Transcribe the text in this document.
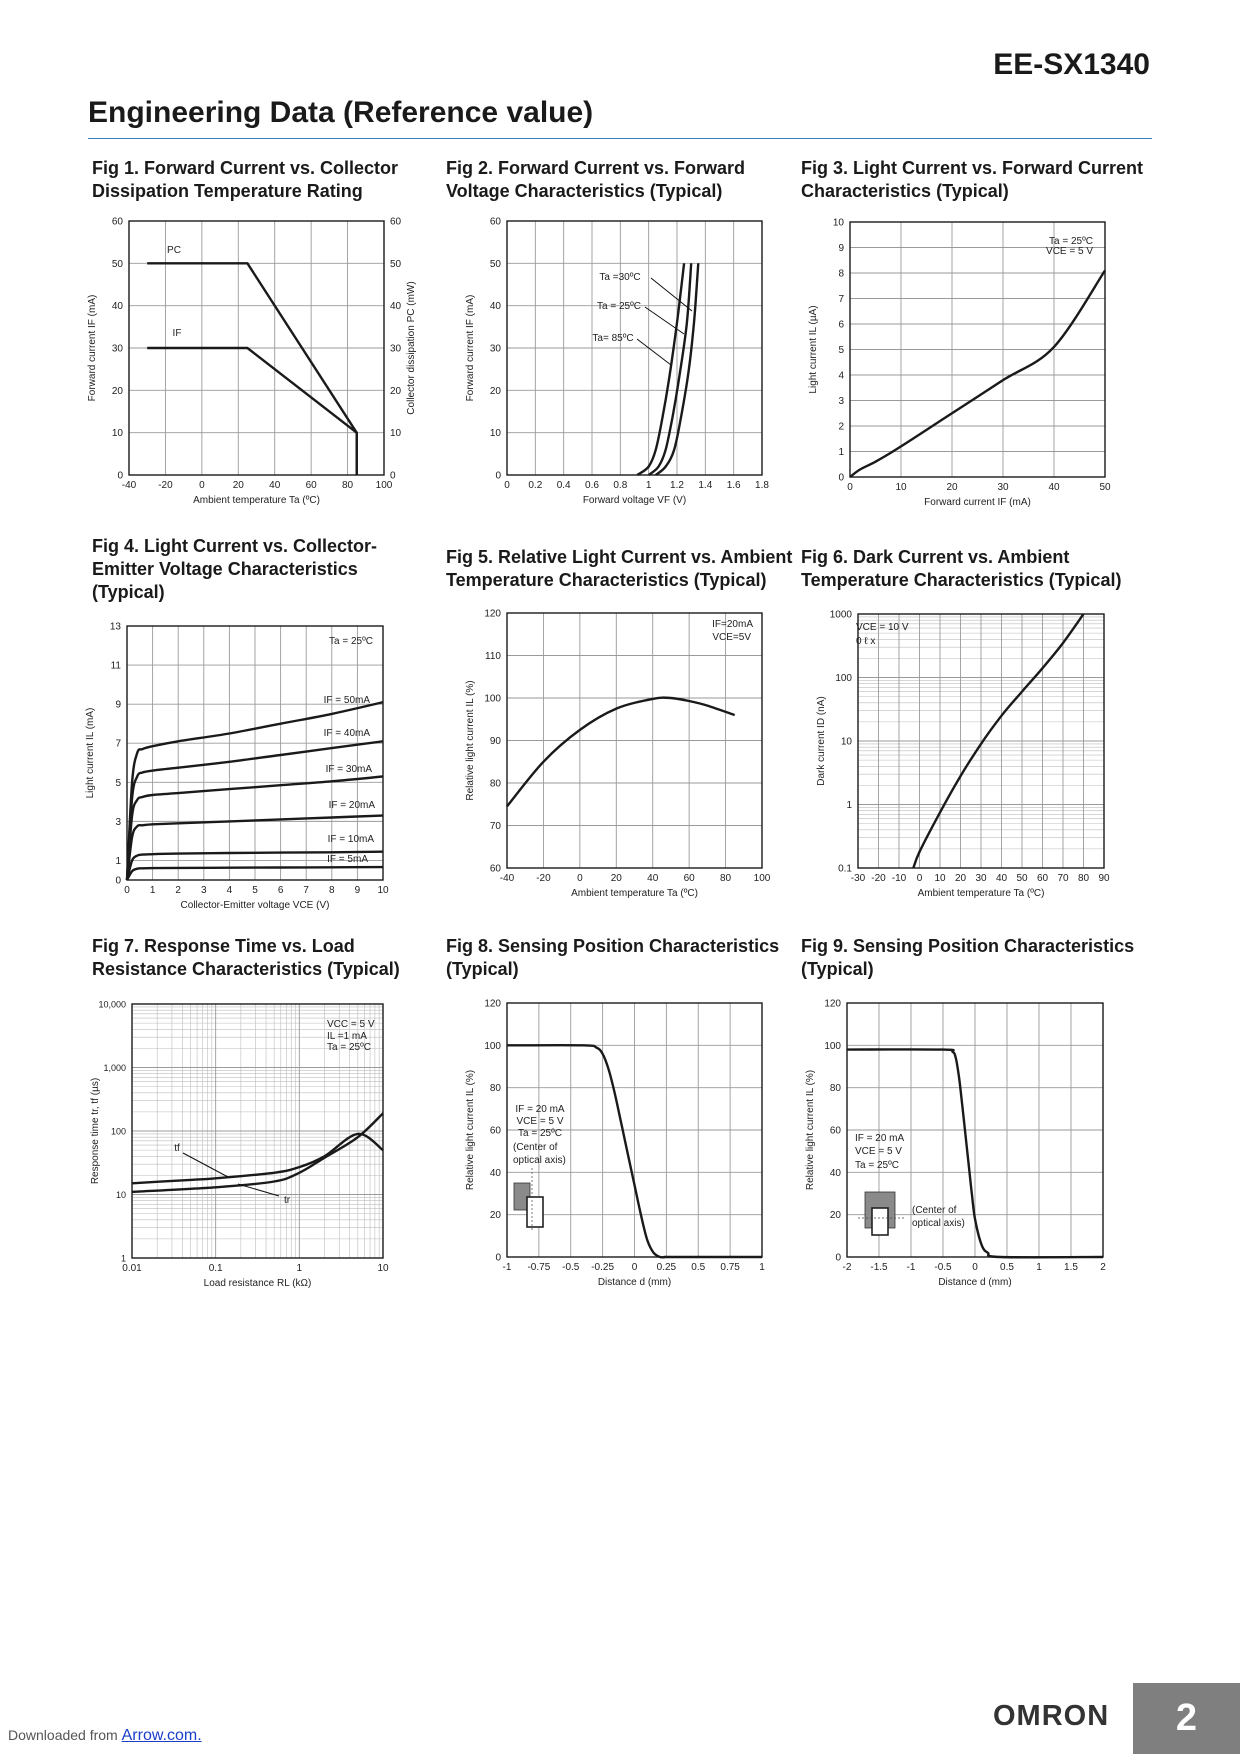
EE-SX1340
Engineering Data (Reference value)
Fig 1. Forward Current vs. Collector Dissipation Temperature Rating
Fig 2. Forward Current vs. Forward Voltage Characteristics (Typical)
Fig 3. Light Current vs. Forward Current Characteristics (Typical)
Fig 4. Light Current vs. Collector-Emitter Voltage Characteristics (Typical)
Fig 5. Relative Light Current vs. Ambient Temperature Characteristics (Typical)
Fig 6. Dark Current vs. Ambient Temperature Characteristics (Typical)
Fig 7. Response Time vs. Load Resistance Characteristics (Typical)
Fig 8. Sensing Position Characteristics (Typical)
Fig 9. Sensing Position Characteristics (Typical)
-40 -20	0	20	40	60	80 100
0
10
20
30
40
50
60
0
10
20
30
40
50
60
Ambient temperature Ta (ºC)
Forward current IF (mA)	Collector dissipation PC (mW)
0 0.2 0.4 0.6 0.8 1 1.2 1.4 1.6 1.8
0
10
20
30
40
50
60
Forward voltage VF (V)
Forward current IF (mA)
0	10	20	30	40	50
0
1
2
3
4
5
6
7
8
9
10
Forward current IF (mA)
Light current IL (µA)
0 1 2 3 4 5 6 7 8 9 10
0
1
3
5
7
9
11
13
Collector-Emitter voltage VCE (V)
Light current IL (mA)
-40 -20	0	20	40	60	80 100
60
70
80
90
100
110
120
Ambient temperature Ta (ºC)
Relative light current IL (%)
-30 -20 -10 0 10 20 30 40 50 60 70 80 90
0.1
1
10
100
1000
Ambient temperature Ta (ºC)
Dark current ID (nA)
0.01	0.1	1	10
1
10
100
1,000
10,000
Load resistance RL (kΩ)
Response time tr, tf (µs)
-1 -0.75 -0.5 -0.25 0 0.25 0.5 0.75 1
0
20
40
60
80
100
120
Distance d (mm)
Relative light current IL (%)
-2 -1.5 -1 -0.5 0 0.5 1 1.5 2
0
20
40
60
80
100
120
Distance d (mm)
Relative light current IL (%)
PC
IF
Ta =30ºC
Ta = 25ºC
Ta= 85ºC
Ta = 25ºC
VCE = 5 V
Ta = 25ºC
IF = 50mA
IF = 40mA
IF = 30mA
IF = 20mA
IF = 10mA
IF = 5mA
IF=20mA
VCE=5V
VCE = 10 V
0 ℓ x
VCC = 5 V
IL =1 mA
Ta = 25ºC
tf
tr
IF = 20 mA
VCE = 5 V
Ta = 25ºC
(Center of
optical axis)
IF = 20 mA
VCE = 5 V
Ta = 25ºC
(Center of
optical axis)
Downloaded from Arrow.com.
OMRON	2
